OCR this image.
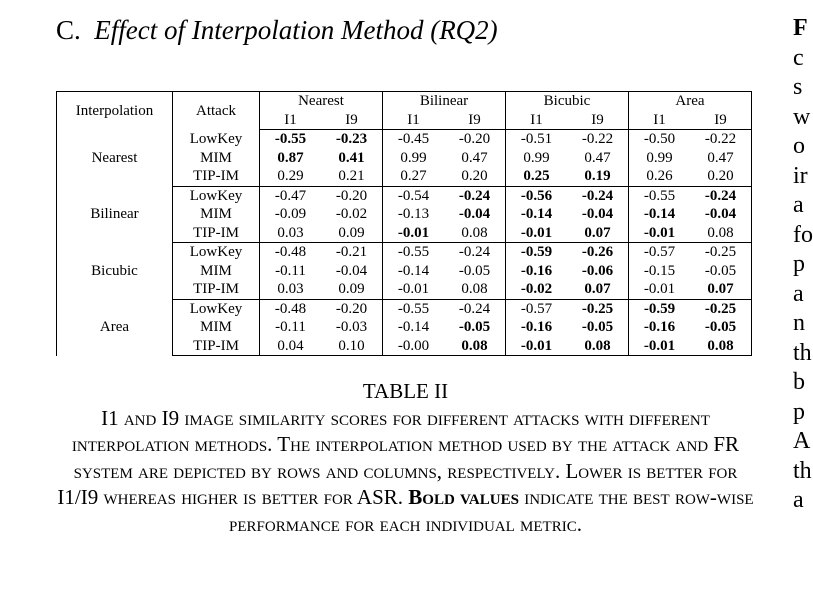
C. Effect of Interpolation Method (RQ2)
Interpolation	Attack	Nearest		Bilinear		Bicubic		Area	
		I1	I9	I1	I9	I1	I9	I1	I9
Nearest	LowKey	-0.55	-0.23	-0.45	-0.20	-0.51	-0.22	-0.50	-0.22
	MIM	0.87	0.41	0.99	0.47	0.99	0.47	0.99	0.47
	TIP-IM	0.29	0.21	0.27	0.20	0.25	0.19	0.26	0.20
Bilinear	LowKey	-0.47	-0.20	-0.54	-0.24	-0.56	-0.24	-0.55	-0.24
	MIM	-0.09	-0.02	-0.13	-0.04	-0.14	-0.04	-0.14	-0.04
	TIP-IM	0.03	0.09	-0.01	0.08	-0.01	0.07	-0.01	0.08
Bicubic	LowKey	-0.48	-0.21	-0.55	-0.24	-0.59	-0.26	-0.57	-0.25
	MIM	-0.11	-0.04	-0.14	-0.05	-0.16	-0.06	-0.15	-0.05
	TIP-IM	0.03	0.09	-0.01	0.08	-0.02	0.07	-0.01	0.07
Area	LowKey	-0.48	-0.20	-0.55	-0.24	-0.57	-0.25	-0.59	-0.25
	MIM	-0.11	-0.03	-0.14	-0.05	-0.16	-0.05	-0.16	-0.05
	TIP-IM	0.04	0.10	-0.00	0.08	-0.01	0.08	-0.01	0.08
TABLE II
I1 and I9 image similarity scores for different attacks with different interpolation methods. The interpolation method used by the attack and FR system are depicted by rows and columns, respectively. Lower is better for I1/I9 whereas higher is better for ASR. Bold values indicate the best row-wise performance for each individual metric.
F
c
s
w
o
ir
a
fo
p
a
n
th
b
p
A
th
a
